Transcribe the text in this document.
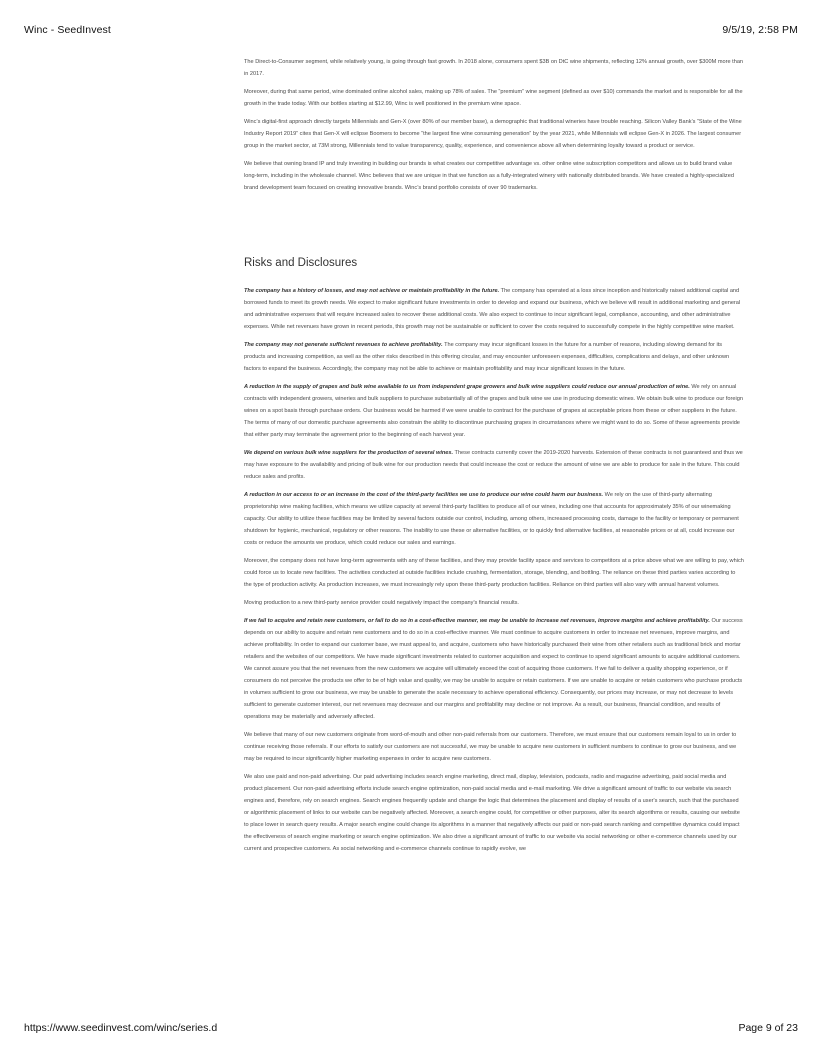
Winc - SeedInvest	9/5/19, 2:58 PM

The Direct-to-Consumer segment, while relatively young, is going through fast growth. In 2018 alone, consumers spent $3B on DtC wine shipments, reflecting 12% annual growth, over $300M more than in 2017.

Moreover, during that same period, wine dominated online alcohol sales, making up 78% of sales. The “premium” wine segment (defined as over $10) commands the market and is responsible for all the growth in the trade today. With our bottles starting at $12.99, Winc is well positioned in the premium wine space.

Winc’s digital-first approach directly targets Millennials and Gen-X (over 80% of our member base), a demographic that traditional wineries have trouble reaching. Silicon Valley Bank’s “State of the Wine Industry Report 2019” cites that Gen-X will eclipse Boomers to become “the largest fine wine consuming generation” by the year 2021, while Millennials will eclipse Gen-X in 2026. The largest consumer group in the market sector, at 73M strong, Millennials tend to value transparency, quality, experience, and convenience above all when determining loyalty toward a product or service.

We believe that owning brand IP and truly investing in building our brands is what creates our competitive advantage vs. other online wine subscription competitors and allows us to build brand value long-term, including in the wholesale channel. Winc believes that we are unique in that we function as a fully-integrated winery with nationally distributed brands. We have created a highly-specialized brand development team focused on creating innovative brands. Winc’s brand portfolio consists of over 90 trademarks.

Risks and Disclosures

The company has a history of losses, and may not achieve or maintain profitability in the future. The company has operated at a loss since inception and historically raised additional capital and borrowed funds to meet its growth needs. We expect to make significant future investments in order to develop and expand our business, which we believe will result in additional marketing and general and administrative expenses that will require increased sales to recover these additional costs. We also expect to continue to incur significant legal, compliance, accounting, and other administrative expenses. While net revenues have grown in recent periods, this growth may not be sustainable or sufficient to cover the costs required to successfully compete in the highly competitive wine market.

The company may not generate sufficient revenues to achieve profitability. The company may incur significant losses in the future for a number of reasons, including slowing demand for its products and increasing competition, as well as the other risks described in this offering circular, and may encounter unforeseen expenses, difficulties, complications and delays, and other unknown factors to expand the business. Accordingly, the company may not be able to achieve or maintain profitability and may incur significant losses in the future.

A reduction in the supply of grapes and bulk wine available to us from independent grape growers and bulk wine suppliers could reduce our annual production of wine. We rely on annual contracts with independent growers, wineries and bulk suppliers to purchase substantially all of the grapes and bulk wine we use in producing domestic wines. We obtain bulk wine to produce our foreign wines on a spot basis through purchase orders. Our business would be harmed if we were unable to contract for the purchase of grapes at acceptable prices from these or other suppliers in the future. The terms of many of our domestic purchase agreements also constrain the ability to discontinue purchasing grapes in circumstances where we might want to do so. Some of these agreements provide that either party may terminate the agreement prior to the beginning of each harvest year.

We depend on various bulk wine suppliers for the production of several wines. These contracts currently cover the 2019-2020 harvests. Extension of these contracts is not guaranteed and thus we may have exposure to the availability and pricing of bulk wine for our production needs that could increase the cost or reduce the amount of wine we are able to produce for sale in the future. This could reduce sales and profits.

A reduction in our access to or an increase in the cost of the third-party facilities we use to produce our wine could harm our business. We rely on the use of third-party alternating proprietorship wine making facilities, which means we utilize capacity at several third-party facilities to produce all of our wines, including one that accounts for approximately 35% of our winemaking capacity. Our ability to utilize these facilities may be limited by several factors outside our control, including, among others, increased processing costs, damage to the facility or temporary or permanent shutdown for hygienic, mechanical, regulatory or other reasons. The inability to use these or alternative facilities, or to quickly find alternative facilities, at reasonable prices or at all, could increase our costs or reduce the amounts we produce, which could reduce our sales and earnings.

Moreover, the company does not have long-term agreements with any of these facilities, and they may provide facility space and services to competitors at a price above what we are willing to pay, which could force us to locate new facilities. The activities conducted at outside facilities include crushing, fermentation, storage, blending, and bottling. The reliance on these third parties varies according to the type of production activity. As production increases, we must increasingly rely upon these third-party production facilities. Reliance on third parties will also vary with annual harvest volumes.

Moving production to a new third-party service provider could negatively impact the company's financial results.

If we fail to acquire and retain new customers, or fail to do so in a cost-effective manner, we may be unable to increase net revenues, improve margins and achieve profitability. Our success depends on our ability to acquire and retain new customers and to do so in a cost-effective manner. We must continue to acquire customers in order to increase net revenues, improve margins, and achieve profitability. In order to expand our customer base, we must appeal to, and acquire, customers who have historically purchased their wine from other retailers such as traditional brick and mortar retailers and the websites of our competitors. We have made significant investments related to customer acquisition and expect to continue to spend significant amounts to acquire additional customers. We cannot assure you that the net revenues from the new customers we acquire will ultimately exceed the cost of acquiring those customers. If we fail to deliver a quality shopping experience, or if consumers do not perceive the products we offer to be of high value and quality, we may be unable to acquire or retain customers. If we are unable to acquire or retain customers who purchase products in volumes sufficient to grow our business, we may be unable to generate the scale necessary to achieve operational efficiency. Consequently, our prices may increase, or may not decrease to levels sufficient to generate customer interest, our net revenues may decrease and our margins and profitability may decline or not improve. As a result, our business, financial condition, and results of operations may be materially and adversely affected.

We believe that many of our new customers originate from word-of-mouth and other non-paid referrals from our customers. Therefore, we must ensure that our customers remain loyal to us in order to continue receiving those referrals. If our efforts to satisfy our customers are not successful, we may be unable to acquire new customers in sufficient numbers to continue to grow our business, and we may be required to incur significantly higher marketing expenses in order to acquire new customers.

We also use paid and non-paid advertising. Our paid advertising includes search engine marketing, direct mail, display, television, podcasts, radio and magazine advertising, paid social media and product placement. Our non-paid advertising efforts include search engine optimization, non-paid social media and e-mail marketing. We drive a significant amount of traffic to our website via search engines and, therefore, rely on search engines. Search engines frequently update and change the logic that determines the placement and display of results of a user's search, such that the purchased or algorithmic placement of links to our website can be negatively affected. Moreover, a search engine could, for competitive or other purposes, alter its search algorithms or results, causing our website to place lower in search query results. A major search engine could change its algorithms in a manner that negatively affects our paid or non-paid search ranking and competitive dynamics could impact the effectiveness of search engine marketing or search engine optimization. We also drive a significant amount of traffic to our website via social networking or other e-commerce channels used by our current and prospective customers. As social networking and e-commerce channels continue to rapidly evolve, we

https://www.seedinvest.com/winc/series.d	Page 9 of 23
